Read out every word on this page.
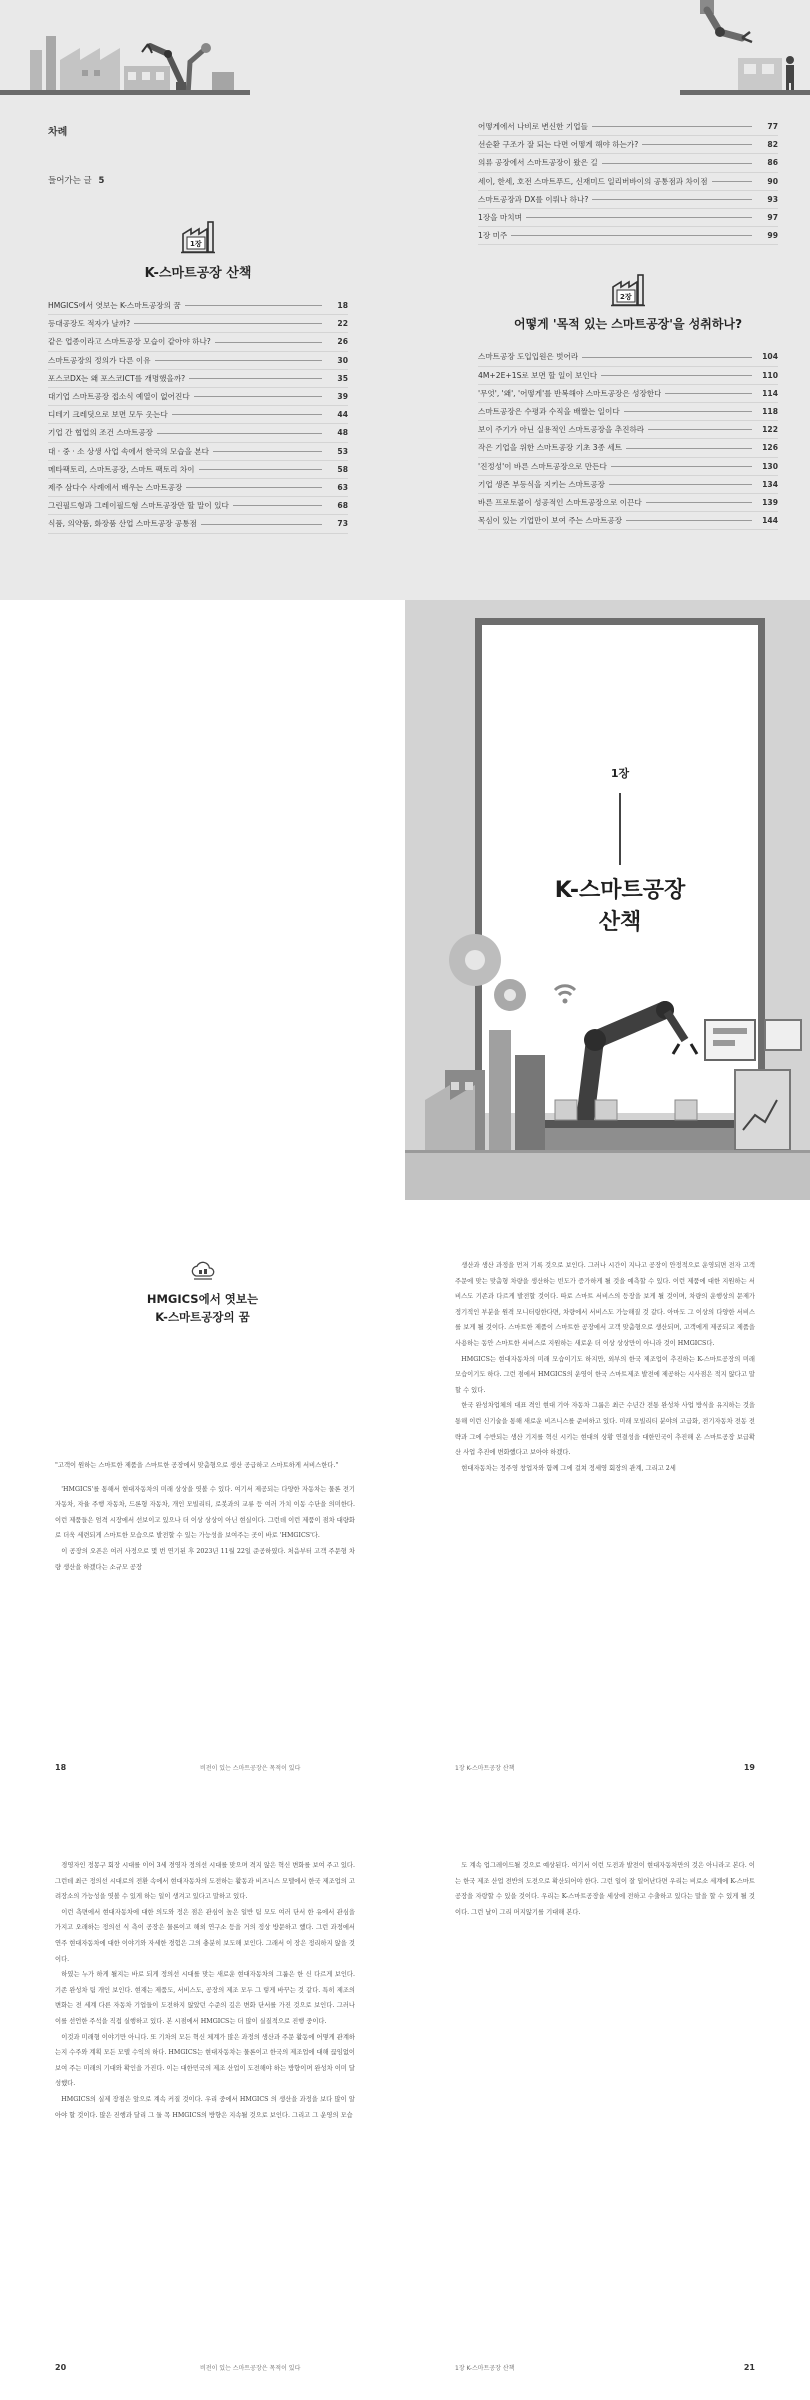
차례
들어가는 글 5
1장
K-스마트공장 산책
HMGICS에서 엿보는 K-스마트공장의 꿈	18
등대공장도 적자가 날까?	22
같은 업종이라고 스마트공장 모습이 같아야 하나?	26
스마트공장의 정의가 다른 이유	30
포스코DX는 왜 포스코ICT를 개명했을까?	35
대기업 스마트공장 접소식 예열이 없어진다	39
디테기 크레딧으로 보면 모두 옷는다	44
기업 간 협업의 조건 스마트공장	48
대 · 중 · 소 상생 사업 속에서 한국의 모습을 본다	53
메타팩토리, 스마트공장, 스마트 팩토리 차이	58
제주 삼다수 사례에서 배우는 스마트공장	63
그린필드형과 그레이필드형 스마트공장만 할 말이 있다	68
식품, 의약품, 화장품 산업 스마트공장 공통점	73
어떻게에서 나비로 변신한 기업들	77
선순환 구조가 잘 되는 다면 어떻게 해야 하는가?	82
의류 공장에서 스마트공장이 왔은 길	86
세이, 한세, 호전 스마트푸드, 신재미드 일리버바이의 공통점과 차이점	90
스마트공장과 DX를 이뤄나 하나?	93
1장을 마치며	97
1장 미주	99
2장
어떻게 '목적 있는 스마트공장'을 성취하나?
스마트공장 도입입원은 벗어라	104
4M+2E+1S로 보면 할 일이 보인다	110
'무엇', '왜', '어떻게'를 반복해야 스마트공장은 성장한다	114
스마트공장은 수평과 수직을 배짤는 일이다	118
보이 주기가 아닌 실용적인 스마트공장을 추진하라	122
작은 기업을 위한 스마트공장 기초 3종 세트	126
'진정성'이 바른 스마트공장으로 만든다	130
기업 생존 부등식을 지키는 스마트공장	134
바른 프로토콜이 성공적인 스마트공장으로 이끈다	139
목심이 있는 기업만이 보여 주는 스마트공장	144
1장
K-스마트공장
산책
HMGICS에서 엿보는
K-스마트공장의 꿈

"고객이 원하는 스마트한 제품을 스마트한 공장에서 맞춤형으로 생산 공급하고 스마트하게 서비스한다."

'HMGICS'를 통해서 현대자동차의 미래 상상을 엿볼 수 있다. 여기서 제공되는 다양한 자동차는 물론 전기자동차, 자율 주행 자동차, 드론형 자동차, 개인 모빌리티, 로봇과의 교류 등 여러 가치 이동 수단을 의미한다. 이런 제품들은 엄격 시장에서 선보이고 있으나 더 이상 상상이 아닌 현실이다. 그런데 이런 제품이 점차 대량화로 더욱 세련되게 스마트한 모습으로 발전할 수 있는 가능성을 보여주는 곳이 바로 'HMGICS'다.

이 공장의 오픈은 여러 사정으로 몇 번 연기된 후 2023년 11월 22일 준공하였다. 처음부터 고객 주문형 차량 생산을 하겠다는 소규모 공장

18	비전이 있는 스마트공장은 목적이 있다

생산과 생산 과정을 먼저 기록 것으로 보인다. 그러나 시간이 지나고 공장이 안정적으로 운영되면 전자 고객 주문에 맞는 맞춤형 차량을 생산하는 빈도가 증가하게 될 것을 예측할 수 있다. 이런 제품에 대한 지원하는 서비스도 기존과 다르게 발전할 것이다. 따로 스마트 서비스의 등장을 보게 될 것이며, 차량의 운행상의 문제가 정기적인 부분을 원격 모니터링한다면, 차량에서 서비스도 가능해질 것 같다. 아마도 그 이상의 다양한 서비스를 보게 될 것이다. 스마트한 제품이 스마트한 공장에서 고객 맞춤형으로 생산되며, 고객에게 제공되고 제품을 사용하는 동안 스마트한 서비스로 지원하는 새로운 더 이상 상상만이 아니라 것이 HMGICS다.

HMGICS는 현대자동차의 미래 모습이기도 하지만, 외부의 한국 제조업이 추진하는 K-스마트공장의 미래 모습이기도 하다. 그런 점에서 HMGICS의 운영이 한국 스마트제조 발전에 제공하는 시사점은 적지 않다고 말할 수 있다.

한국 완성차업체의 대표 격인 현대 기아 자동차 그룹은 최근 수년간 전통 완성차 사업 방식을 유지하는 것을 통해 이런 신기술을 통해 새로운 비즈니스를 준비하고 있다. 미래 모빌리티 분야의 고급화, 전기자동차 전동 전략과 그에 수반되는 생산 기지를 혁신 시키는 현대의 상황 연결성을 대한민국이 추진해 온 스마트공장 보급확산 사업 추진에 변화했다고 보아야 하겠다.

현대자동차는 정주영 창업자와 함께 그에 걸쳐 정세영 회장의 관계, 그리고 2세

1장 K-스마트공장 산책	19

경영자인 정몽구 회장 시대를 이어 3세 경영자 정의선 시대를 맞으며 격지 않은 혁신 변화를 보여 주고 있다. 그런데 최근 정의선 시대로의 전환 속에서 현대자동차의 도전하는 활동과 비즈니스 모델에서 한국 제조업의 고려장소의 가능성을 엿볼 수 있게 하는 일이 생겨고 있다고 말하고 있다.

이런 측면에서 현대자동차에 대한 의도와 정은 점은 관심이 높은 일반 팀 모도 여러 단서 한 유에서 관심을 가지고 오래하는 정의선 식 측이 공장은 물론이고 해외 연구소 등을 거의 정상 방문하고 했다. 그런 과정에서 연주 현대자동차에 대한 이야기와 자세한 경험은 그의 충분히 보도해 보인다. 그래서 이 장은 정리하지 않을 것이다.

하였는 누가 하게 될지는 바로 되게 정의선 시대를 맞는 새로운 현대자동차의 그룹은 한 신 다르게 보인다. 기존 완성차 팀 개인 보인다. 현재는 제품도, 서비스도, 공장의 제조 모두 그 렇게 바꾸는 것 같다. 특히 제조의 변화는 전 세계 다른 자동차 기업들이 도전하지 않았던 수준의 깊은 변화 단서를 가진 것으로 보인다. 그러나 이를 선언한 주석을 직접 실행하고 있다. 본 시점에서 HMGICS는 더 많이 실질적으로 진행 중이다.

이것과 미래형 이야기만 아니다. 또 기차의 모든 혁신 체계가 많은 과정의 생산과 주문 활동에 어떻게 관계하는지 수주와 계획 모든 모델 수익의 하다. HMGICS는 현대자동차는 물론이고 한국의 제조업에 대해 끊임없이 보여 주는 미래의 기대와 확인을 가진다. 이는 대한민국의 제조 산업이 도전해야 하는 방향이며 완성차 이미 달성했다.

HMGICS의 실제 장점은 앞으로 계속 커질 것이다. 우리 중에서 HMGICS 의 생산을 과정을 보다 많이 알아야 할 것이다. 많은 진행과 달리 그 둘 목 HMGICS의 방향은 지속될 것으로 보인다. 그리고 그 운영의 모습

20	비전이 있는 스마트공장은 목적이 있다

도 계속 업그레이드될 것으로 예상된다. 여기서 이런 도전과 발전이 현대자동차만의 것은 아니라고 본다. 이는 한국 제조 산업 전반의 도전으로 확산되어야 한다. 그런 일이 잘 일어난다면 우리는 비로소 세계에 K-스마트공장을 자랑할 수 있을 것이다. 우리는 K-스마트공장을 세상에 전하고 수출하고 있다는 말을 할 수 있게 될 것이다. 그런 날이 그리 머지않기를 기대해 본다.

1장 K-스마트공장 산책	21
